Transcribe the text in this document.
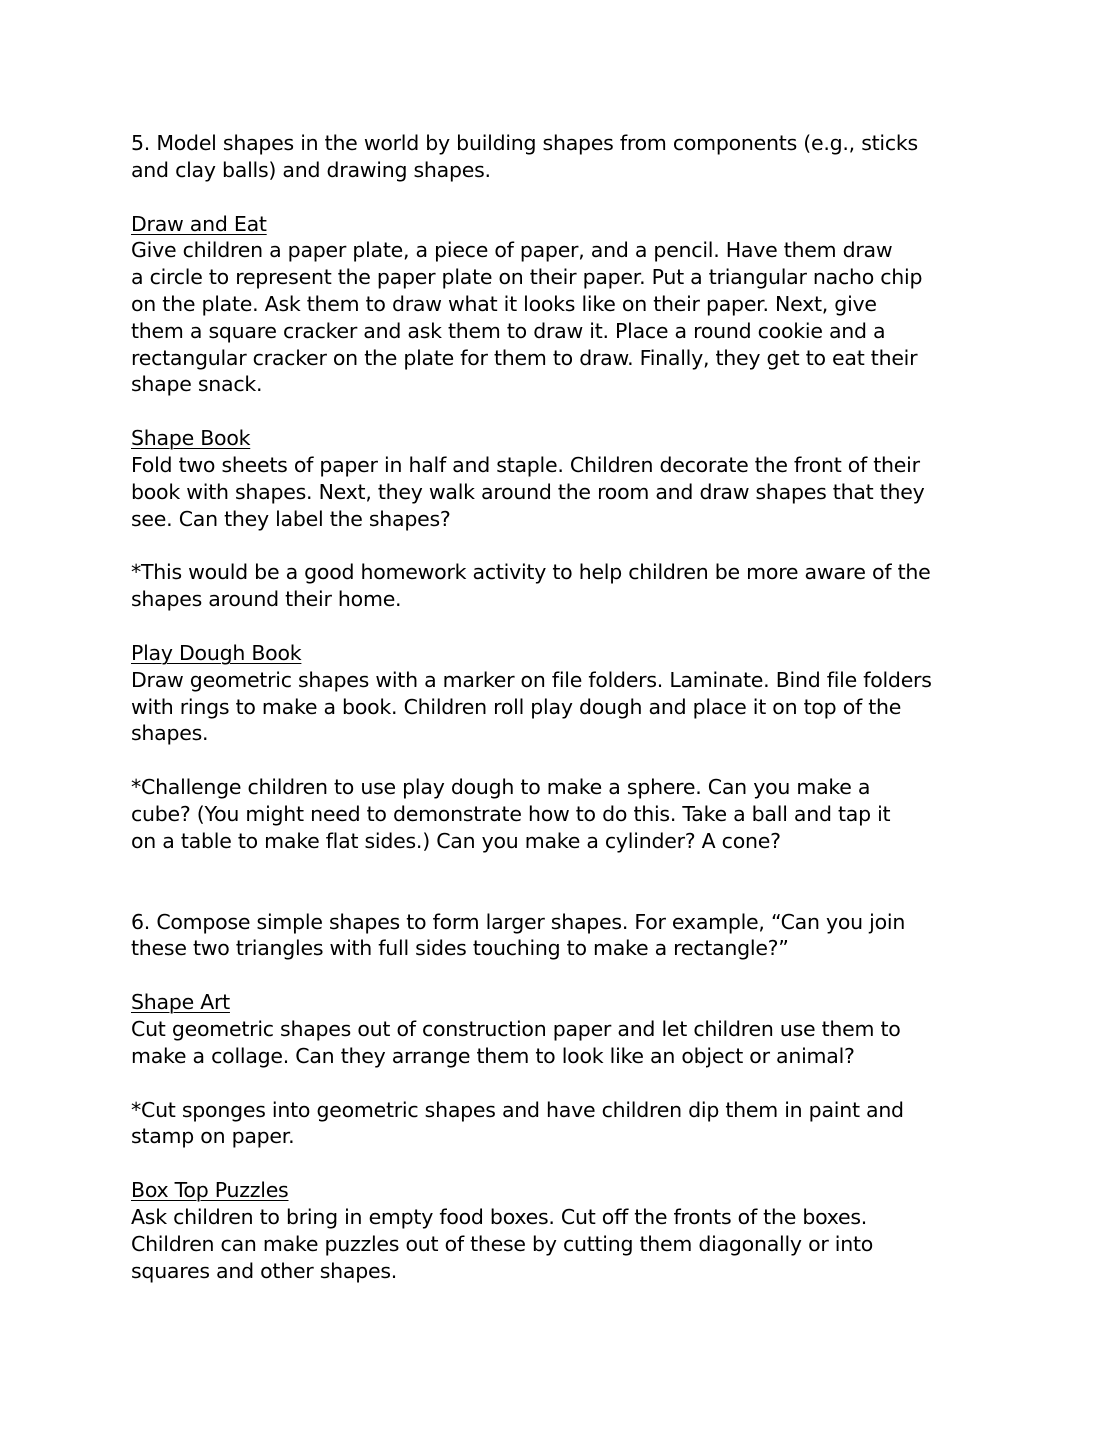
5. Model shapes in the world by building shapes from components (e.g., sticks
and clay balls) and drawing shapes.
Draw and Eat
Give children a paper plate, a piece of paper, and a pencil. Have them draw
a circle to represent the paper plate on their paper. Put a triangular nacho chip
on the plate. Ask them to draw what it looks like on their paper. Next, give
them a square cracker and ask them to draw it. Place a round cookie and a
rectangular cracker on the plate for them to draw. Finally, they get to eat their
shape snack.
Shape Book
Fold two sheets of paper in half and staple. Children decorate the front of their
book with shapes. Next, they walk around the room and draw shapes that they
see. Can they label the shapes?
*This would be a good homework activity to help children be more aware of the
shapes around their home.
Play Dough Book
Draw geometric shapes with a marker on file folders. Laminate. Bind file folders
with rings to make a book. Children roll play dough and place it on top of the
shapes.
*Challenge children to use play dough to make a sphere. Can you make a
cube? (You might need to demonstrate how to do this. Take a ball and tap it
on a table to make flat sides.) Can you make a cylinder? A cone?
6. Compose simple shapes to form larger shapes. For example, “Can you join
these two triangles with full sides touching to make a rectangle?”
Shape Art
Cut geometric shapes out of construction paper and let children use them to
make a collage. Can they arrange them to look like an object or animal?
*Cut sponges into geometric shapes and have children dip them in paint and
stamp on paper.
Box Top Puzzles
Ask children to bring in empty food boxes. Cut off the fronts of the boxes.
Children can make puzzles out of these by cutting them diagonally or into
squares and other shapes.
